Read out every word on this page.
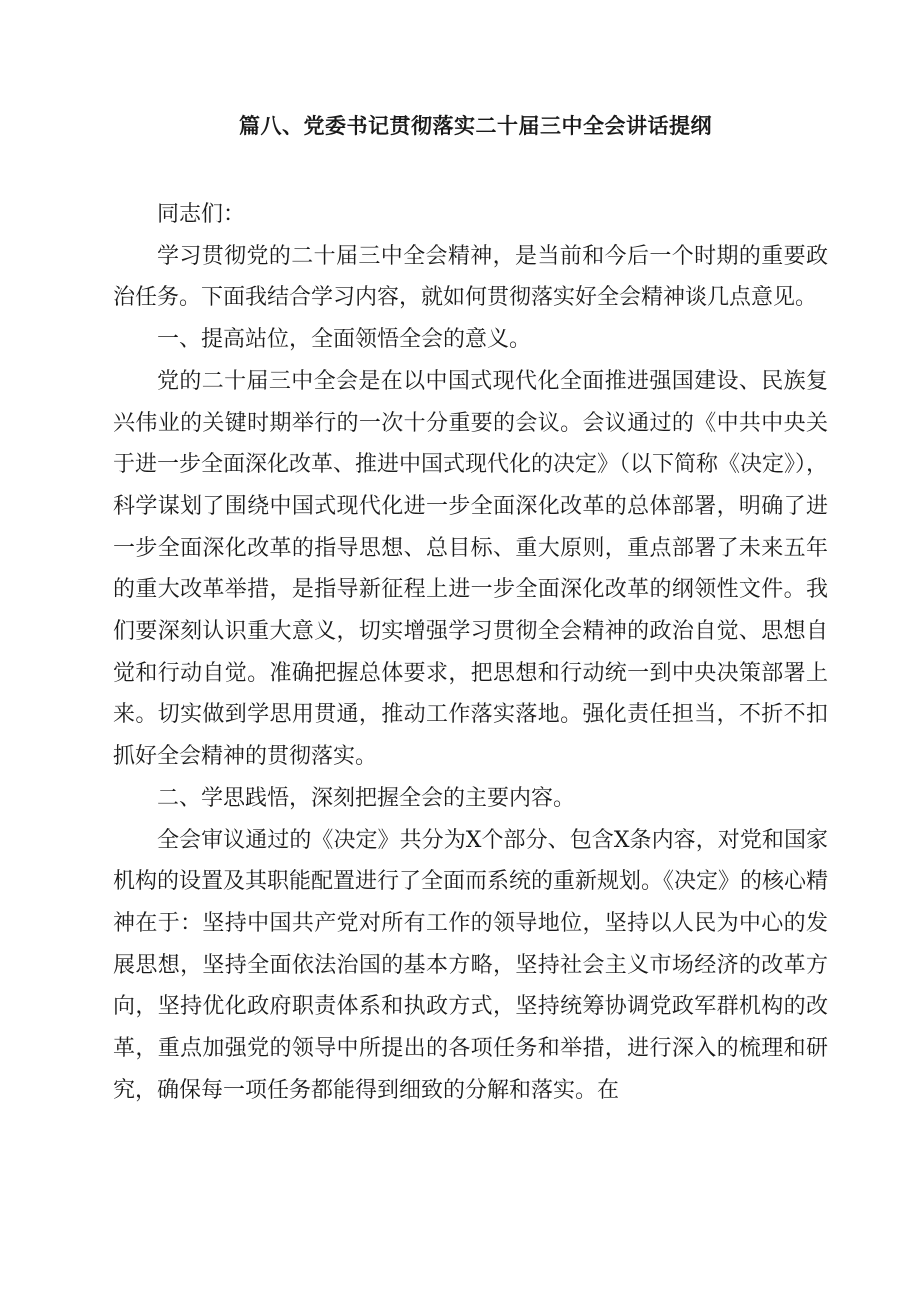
篇八、党委书记贯彻落实二十届三中全会讲话提纲

同志们：

学习贯彻党的二十届三中全会精神，是当前和今后一个时期的重要政治任务。下面我结合学习内容，就如何贯彻落实好全会精神谈几点意见。

一、提高站位，全面领悟全会的意义。

党的二十届三中全会是在以中国式现代化全面推进强国建设、民族复兴伟业的关键时期举行的一次十分重要的会议。会议通过的《中共中央关于进一步全面深化改革、推进中国式现代化的决定》（以下简称《决定》），科学谋划了围绕中国式现代化进一步全面深化改革的总体部署，明确了进一步全面深化改革的指导思想、总目标、重大原则，重点部署了未来五年的重大改革举措，是指导新征程上进一步全面深化改革的纲领性文件。我们要深刻认识重大意义，切实增强学习贯彻全会精神的政治自觉、思想自觉和行动自觉。准确把握总体要求，把思想和行动统一到中央决策部署上来。切实做到学思用贯通，推动工作落实落地。强化责任担当，不折不扣抓好全会精神的贯彻落实。

二、学思践悟，深刻把握全会的主要内容。

全会审议通过的《决定》共分为X个部分、包含X条内容，对党和国家机构的设置及其职能配置进行了全面而系统的重新规划。《决定》的核心精神在于：坚持中国共产党对所有工作的领导地位，坚持以人民为中心的发展思想，坚持全面依法治国的基本方略，坚持社会主义市场经济的改革方向，坚持优化政府职责体系和执政方式，坚持统筹协调党政军群机构的改革，重点加强党的领导中所提出的各项任务和举措，进行深入的梳理和研究，确保每一项任务都能得到细致的分解和落实。在
